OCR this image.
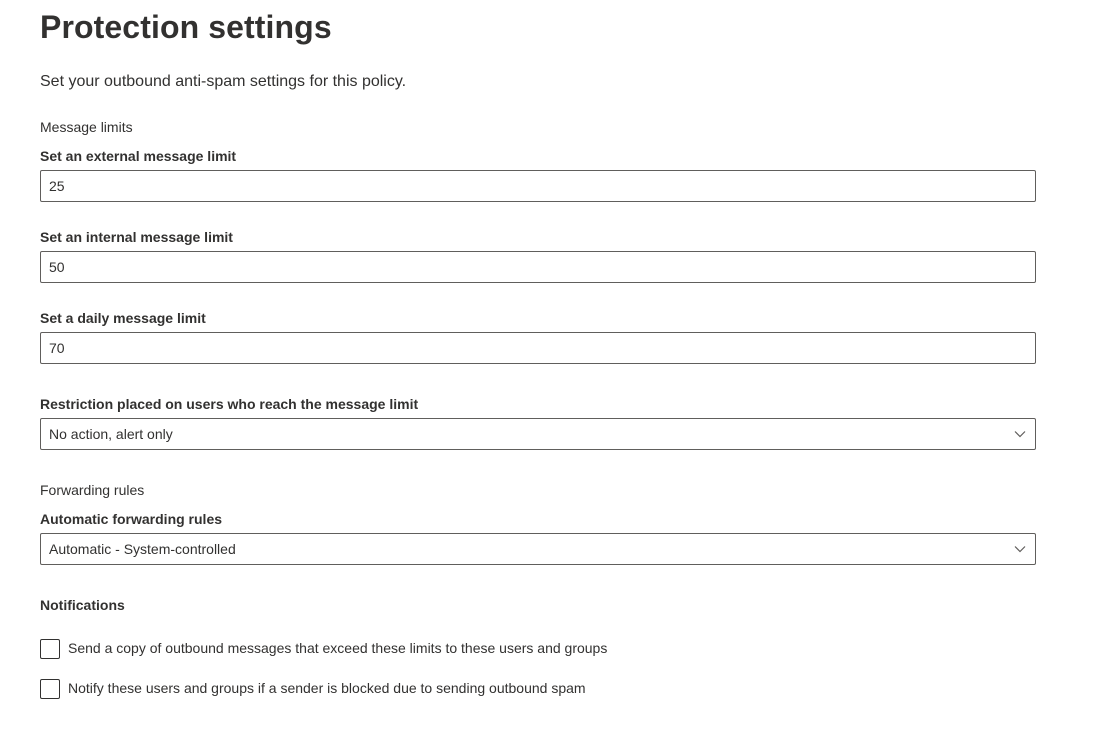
Protection settings

Set your outbound anti-spam settings for this policy.

Message limits

Set an external message limit

25

Set an internal message limit

50

Set a daily message limit

70

Restriction placed on users who reach the message limit

No action, alert only

Forwarding rules

Automatic forwarding rules

Automatic - System-controlled

Notifications

Send a copy of outbound messages that exceed these limits to these users and groups
Notify these users and groups if a sender is blocked due to sending outbound spam
